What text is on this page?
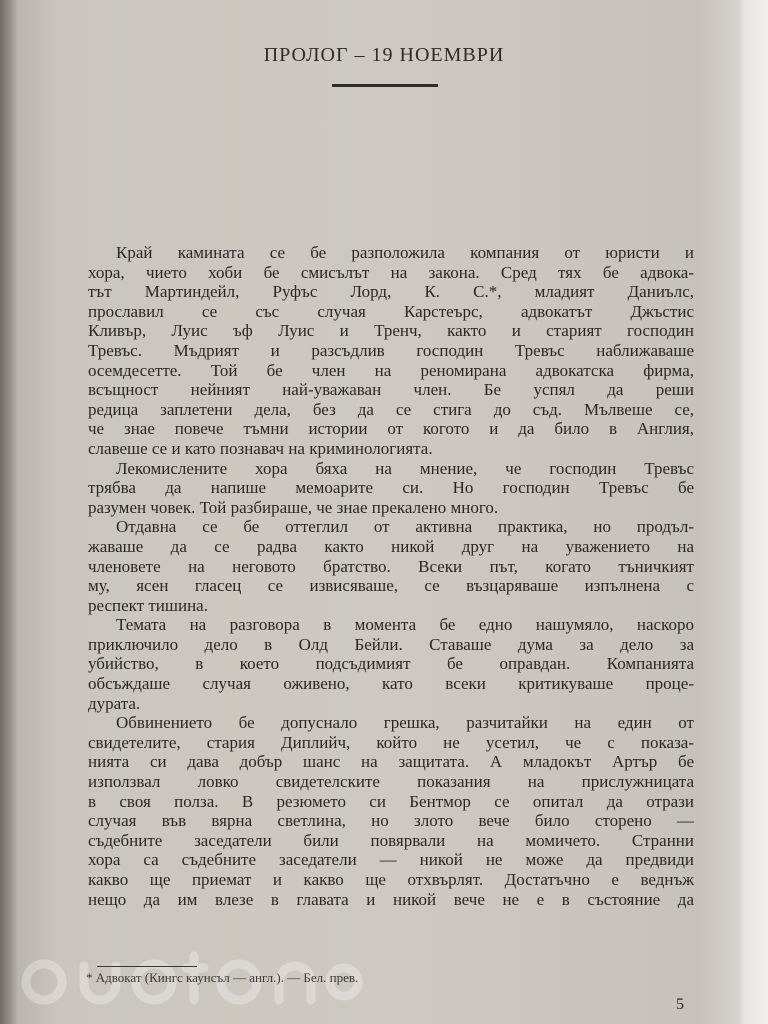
ПРОЛОГ – 19 НОЕМВРИ
Край камината се бе разположила компания от юристи и
хора, чието хоби бе смисълът на закона. Сред тях бе адвока-
тът Мартиндейл, Руфъс Лорд, К. С.*, младият Даниълс,
прославил се със случая Карстеърс, адвокатът Джъстис
Кливър, Луис ъф Луис и Тренч, както и старият господин
Тревъс. Мъдрият и разсъдлив господин Тревъс наближаваше
осемдесетте. Той бе член на реномирана адвокатска фирма,
всъщност нейният най-уважаван член. Бе успял да реши
редица заплетени дела, без да се стига до съд. Мълвеше се,
че знае повече тъмни истории от когото и да било в Англия,
славеше се и като познавач на криминологията.
Лекомислените хора бяха на мнение, че господин Тревъс
трябва да напише мемоарите си. Но господин Тревъс бе
разумен човек. Той разбираше, че знае прекалено много.
Отдавна се бе оттеглил от активна практика, но продъл-
жаваше да се радва както никой друг на уважението на
членовете на неговото братство. Всеки път, когато тъничкият
му, ясен гласец се извисяваше, се възцаряваше изпълнена с
респект тишина.
Темата на разговора в момента бе едно нашумяло, наскоро
приключило дело в Олд Бейли. Ставаше дума за дело за
убийство, в което подсъдимият бе оправдан. Компанията
обсъждаше случая оживено, като всеки критикуваше проце-
дурата.
Обвинението бе допуснало грешка, разчитайки на един от
свидетелите, стария Диплийч, който не усетил, че с показа-
нията си дава добър шанс на защитата. А младокът Артър бе
използвал ловко свидетелските показания на прислужницата
в своя полза. В резюмето си Бентмор се опитал да отрази
случая във вярна светлина, но злото вече било сторено —
съдебните заседатели били повярвали на момичето. Странни
хора са съдебните заседатели — никой не може да предвиди
какво ще приемат и какво ще отхвърлят. Достатъчно е веднъж
нещо да им влезе в главата и никой вече не е в състояние да
* Адвокат (Кингс каунсъл — англ.). — Бел. прев.
5
